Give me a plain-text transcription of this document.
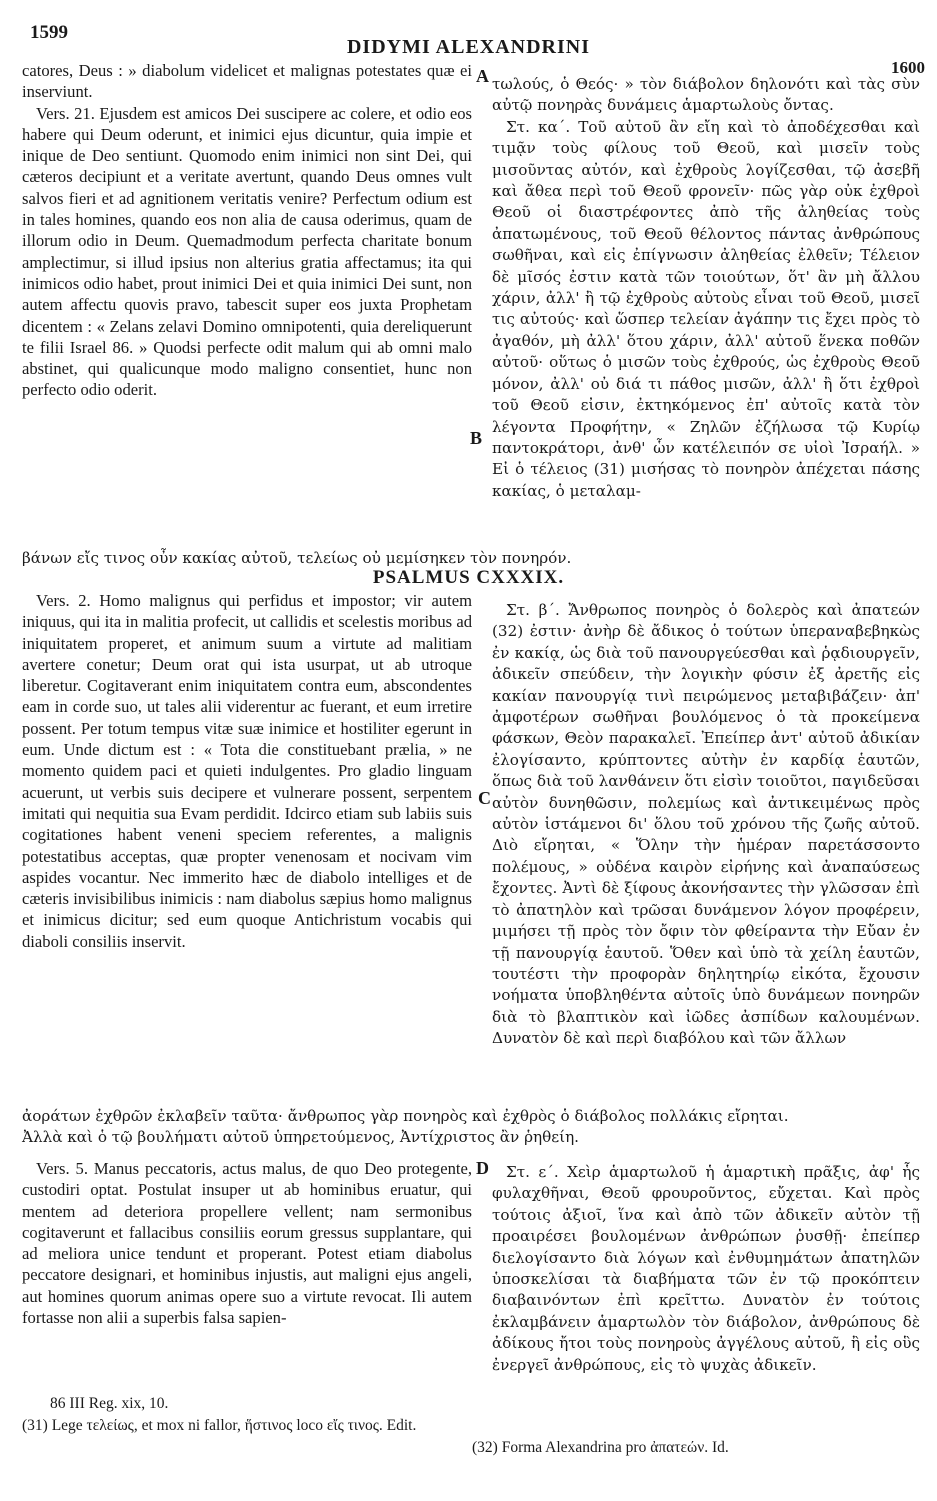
1599
DIDYMI ALEXANDRINI
1600

catores, Deus : » diabolum videlicet et malignas potestates quæ ei inserviunt.

Vers. 21. Ejusdem est amicos Dei suscipere ac colere, et odio eos habere qui Deum oderunt, et inimici ejus dicuntur, quia impie et inique de Deo sentiunt. Quomodo enim inimici non sint Dei, qui cæteros decipiunt et a veritate avertunt, quando Deus omnes vult salvos fieri et ad agnitionem veritatis venire? Perfectum odium est in tales homines, quando eos non alia de causa oderimus, quam de illorum odio in Deum. Quemadmodum perfecta charitate bonum amplectimur, si illud ipsius non alterius gratia affectamus; ita qui inimicos odio habet, prout inimici Dei et quia inimici Dei sunt, non autem affectu quovis pravo, tabescit super eos juxta Prophetam dicentem : « Zelans zelavi Domino omnipotenti, quia dereliquerunt te filii Israel 86. » Quodsi perfecte odit malum qui ab omni malo abstinet, qui qualicunque modo maligno consentiet, hunc non perfecto odio oderit.

τωλούς, ὁ Θεός· » τὸν διάβολον δηλονότι καὶ τὰς σὺν αὐτῷ πονηρὰς δυνάμεις ἁμαρτωλοὺς ὄντας.

Στ. κα΄. Τοῦ αὐτοῦ ἂν εἴη καὶ τὸ ἀποδέχεσθαι καὶ τιμᾷν τοὺς φίλους τοῦ Θεοῦ, καὶ μισεῖν τοὺς μισοῦντας αὐτόν, καὶ ἐχθροὺς λογίζεσθαι, τῷ ἀσεβῆ καὶ ἄθεα περὶ τοῦ Θεοῦ φρονεῖν· πῶς γὰρ οὐκ ἐχθροὶ Θεοῦ οἱ διαστρέφοντες ἀπὸ τῆς ἀληθείας τοὺς ἀπατωμένους, τοῦ Θεοῦ θέλοντος πάντας ἀνθρώπους σωθῆναι, καὶ εἰς ἐπίγνωσιν ἀληθείας ἐλθεῖν; Τέλειον δὲ μῖσός ἐστιν κατὰ τῶν τοιούτων, ὅτ' ἂν μὴ ἄλλου χάριν, ἀλλ' ἢ τῷ ἐχθροὺς αὐτοὺς εἶναι τοῦ Θεοῦ, μισεῖ τις αὐτούς· καὶ ὥσπερ τελείαν ἀγάπην τις ἔχει πρὸς τὸ ἀγαθόν, μὴ ἀλλ' ὅτου χάριν, ἀλλ' αὐτοῦ ἕνεκα ποθῶν αὐτοῦ· οὕτως ὁ μισῶν τοὺς ἐχθρούς, ὡς ἐχθροὺς Θεοῦ μόνον, ἀλλ' οὐ διά τι πάθος μισῶν, ἀλλ' ἢ ὅτι ἐχθροὶ τοῦ Θεοῦ εἰσιν, ἐκτηκόμενος ἐπ' αὐτοῖς κατὰ τὸν λέγοντα Προφήτην, « Ζηλῶν ἐζήλωσα τῷ Κυρίῳ παντοκράτορι, ἀνθ' ὧν κατέλειπόν σε υἱοὶ Ἰσραήλ. » Εἰ ὁ τέλειος (31) μισήσας τὸ πονηρὸν ἀπέχεται πάσης κακίας, ὁ μεταλαμ-

βάνων εἴς τινος οὖν κακίας αὐτοῦ, τελείως οὐ μεμίσηκεν τὸν πονηρόν.

PSALMUS CXXXIX.

Vers. 2. Homo malignus qui perfidus et impostor; vir autem iniquus, qui ita in malitia profecit, ut callidis et scelestis moribus ad iniquitatem properet, et animum suum a virtute ad malitiam avertere conetur; Deum orat qui ista usurpat, ut ab utroque liberetur. Cogitaverant enim iniquitatem contra eum, abscondentes eam in corde suo, ut tales alii viderentur ac fuerant, et eum irretire possent. Per totum tempus vitæ suæ inimice et hostiliter egerunt in eum. Unde dictum est : « Tota die constituebant prælia, » ne momento quidem paci et quieti indulgentes. Pro gladio linguam acuerunt, ut verbis suis decipere et vulnerare possent, serpentem imitati qui nequitia sua Evam perdidit. Idcirco etiam sub labiis suis cogitationes habent veneni speciem referentes, a malignis potestatibus acceptas, quæ propter venenosam et nocivam vim aspides vocantur. Nec immerito hæc de diabolo intelliges et de cæteris invisibilibus inimicis : nam diabolus sæpius homo malignus et inimicus dicitur; sed eum quoque Antichristum vocabis qui diaboli consiliis inservit.

Στ. β΄. Ἄνθρωπος πονηρὸς ὁ δολερὸς καὶ ἀπατεών (32) ἐστιν· ἀνὴρ δὲ ἄδικος ὁ τούτων ὑπεραναβεβηκὼς ἐν κακίᾳ, ὡς διὰ τοῦ πανουργεύεσθαι καὶ ῥᾳδιουργεῖν, ἀδικεῖν σπεύδειν, τὴν λογικὴν φύσιν ἐξ ἀρετῆς εἰς κακίαν πανουργίᾳ τινὶ πειρώμενος μεταβιβάζειν· ἀπ' ἀμφοτέρων σωθῆναι βουλόμενος ὁ τὰ προκείμενα φάσκων, Θεὸν παρακαλεῖ. Ἐπείπερ ἀντ' αὐτοῦ ἀδικίαν ἐλογίσαντο, κρύπτοντες αὐτὴν ἐν καρδίᾳ ἑαυτῶν, ὅπως διὰ τοῦ λανθάνειν ὅτι εἰσὶν τοιοῦτοι, παγιδεῦσαι αὐτὸν δυνηθῶσιν, πολεμίως καὶ ἀντικειμένως πρὸς αὐτὸν ἱστάμενοι δι' ὅλου τοῦ χρόνου τῆς ζωῆς αὐτοῦ. Διὸ εἴρηται, « Ὅλην τὴν ἡμέραν παρετάσσοντο πολέμους, » οὐδένα καιρὸν εἰρήνης καὶ ἀναπαύσεως ἔχοντες. Ἀντὶ δὲ ξίφους ἀκονήσαντες τὴν γλῶσσαν ἐπὶ τὸ ἀπατηλὸν καὶ τρῶσαι δυνάμενον λόγον προφέρειν, μιμήσει τῇ πρὸς τὸν ὄφιν τὸν φθείραντα τὴν Εὔαν ἐν τῇ πανουργίᾳ ἑαυτοῦ. Ὅθεν καὶ ὑπὸ τὰ χείλη ἑαυτῶν, τουτέστι τὴν προφορὰν δηλητηρίῳ εἰκότα, ἔχουσιν νοήματα ὑποβληθέντα αὐτοῖς ὑπὸ δυνάμεων πονηρῶν διὰ τὸ βλαπτικὸν καὶ ἰῶδες ἀσπίδων καλουμένων. Δυνατὸν δὲ καὶ περὶ διαβόλου καὶ τῶν ἄλλων

ἀοράτων ἐχθρῶν ἐκλαβεῖν ταῦτα· ἄνθρωπος γὰρ πονηρὸς καὶ ἐχθρὸς ὁ διάβολος πολλάκις εἴρηται.

Ἀλλὰ καὶ ὁ τῷ βουλήματι αὐτοῦ ὑπηρετούμενος, Ἀντίχριστος ἂν ῥηθείη.

Vers. 5. Manus peccatoris, actus malus, de quo Deo protegente, custodiri optat. Postulat insuper ut ab hominibus eruatur, qui mentem ad deteriora propellere vellent; nam sermonibus cogitaverunt et fallacibus consiliis eorum gressus supplantare, qui ad meliora unice tendunt et properant. Potest etiam diabolus peccatore designari, et hominibus injustis, aut maligni ejus angeli, aut homines quorum animas opere suo a virtute revocat. Ili autem fortasse non alii a superbis falsa sapien-

Στ. ε΄. Χεὶρ ἁμαρτωλοῦ ἡ ἁμαρτικὴ πρᾶξις, ἀφ' ἧς φυλαχθῆναι, Θεοῦ φρουροῦντος, εὔχεται. Καὶ πρὸς τούτοις ἀξιοῖ, ἵνα καὶ ἀπὸ τῶν ἀδικεῖν αὐτὸν τῇ προαιρέσει βουλομένων ἀνθρώπων ῥυσθῇ· ἐπείπερ διελογίσαντο διὰ λόγων καὶ ἐνθυμημάτων ἀπατηλῶν ὑποσκελίσαι τὰ διαβήματα τῶν ἐν τῷ προκόπτειν διαβαινόντων ἐπὶ κρεῖττω. Δυνατὸν ἐν τούτοις ἐκλαμβάνειν ἁμαρτωλὸν τὸν διάβολον, ἀνθρώπους δὲ ἀδίκους ἤτοι τοὺς πονηροὺς ἀγγέλους αὐτοῦ, ἢ εἰς οὓς ἐνεργεῖ ἀνθρώπους, εἰς τὸ ψυχὰς ἀδικεῖν.

A
B
C
D
86 III Reg. xix, 10.
(31) Lege τελείως, et mox ni fallor, ἥστινος loco εἴς τινος. Edit.
(32) Forma Alexandrina pro ἀπατεών. Id.
